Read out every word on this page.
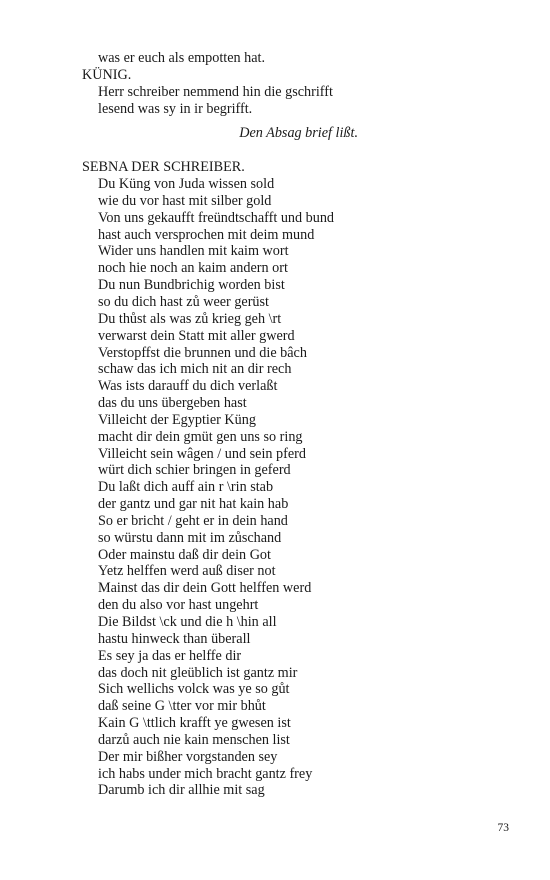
was er euch als empotten hat.
KÜNIG.
Herr schreiber nemmend hin die gschrifft
lesend was sy in ir begrifft.
Den Absag brief lißt.
SEBNA DER SCHREIBER.
Du Küng von Juda wissen sold
wie du vor hast mit silber gold
Von uns gekaufft freündtschafft und bund
hast auch versprochen mit deim mund
Wider uns handlen mit kaim wort
noch hie noch an kaim andern ort
Du nun Bundbrichig worden bist
so du dich hast zů weer gerüst
Du thůst als was zů krieg geh \rt
verwarst dein Statt mit aller gwerd
Verstopffst die brunnen und die bâch
schaw das ich mich nit an dir rech
Was ists darauff du dich verlaßt
das du uns übergeben hast
Villeicht der Egyptier Küng
macht dir dein gmüt gen uns so ring
Villeicht sein wâgen / und sein pferd
würt dich schier bringen in geferd
Du laßt dich auff ain r \rin stab
der gantz und gar nit hat kain hab
So er bricht / geht er in dein hand
so würstu dann mit im zůschand
Oder mainstu daß dir dein Got
Yetz helffen werd auß diser not
Mainst das dir dein Gott helffen werd
den du also vor hast ungehrt
Die Bildst \ck und die h \hin all
hastu hinweck than überall
Es sey ja das er helffe dir
das doch nit gleüblich ist gantz mir
Sich wellichs volck was ye so gůt
daß seine G \tter vor mir bhůt
Kain G \ttlich krafft ye gwesen ist
darzů auch nie kain menschen list
Der mir bißher vorgstanden sey
ich habs under mich bracht gantz frey
Darumb ich dir allhie mit sag
73
